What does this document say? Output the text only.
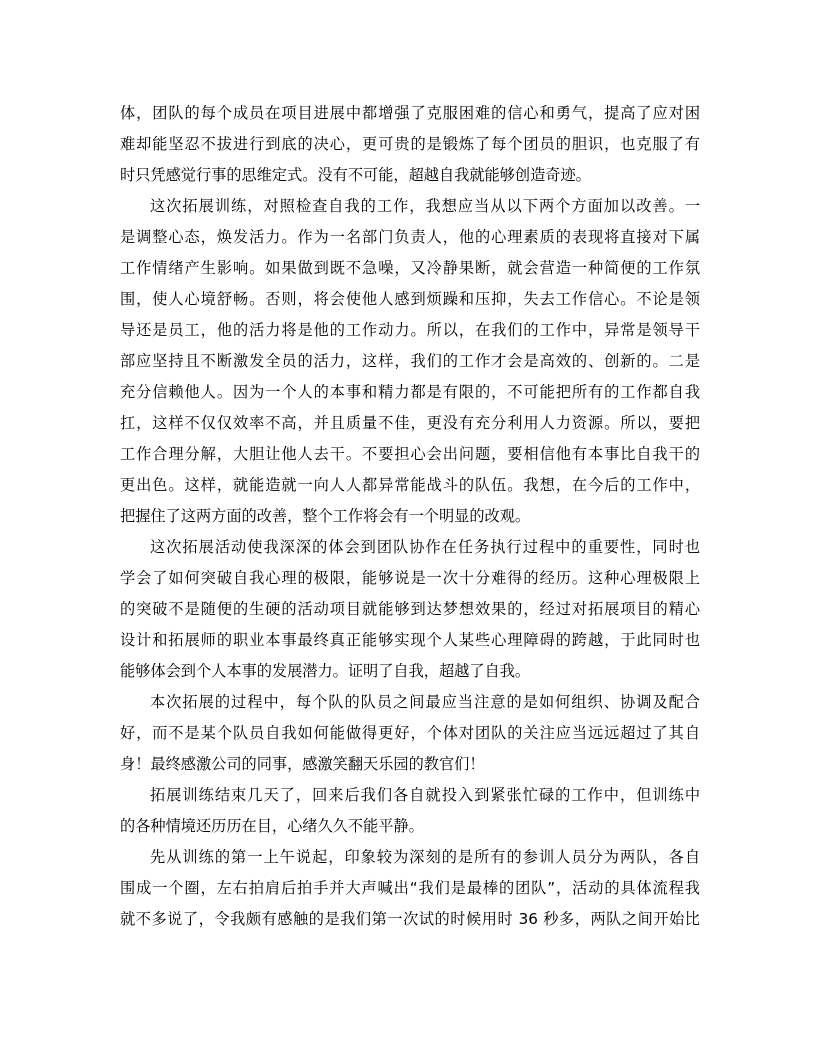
体，团队的每个成员在项目进展中都增强了克服困难的信心和勇气，提高了应对困
难却能坚忍不拔进行到底的决心，更可贵的是锻炼了每个团员的胆识，也克服了有
时只凭感觉行事的思维定式。没有不可能，超越自我就能够创造奇迹。
这次拓展训练，对照检查自我的工作，我想应当从以下两个方面加以改善。一
是调整心态，焕发活力。作为一名部门负责人，他的心理素质的表现将直接对下属
工作情绪产生影响。如果做到既不急噪，又冷静果断，就会营造一种简便的工作氛
围，使人心境舒畅。否则，将会使他人感到烦躁和压抑，失去工作信心。不论是领
导还是员工，他的活力将是他的工作动力。所以，在我们的工作中，异常是领导干
部应坚持且不断激发全员的活力，这样，我们的工作才会是高效的、创新的。二是
充分信赖他人。因为一个人的本事和精力都是有限的，不可能把所有的工作都自我
扛，这样不仅仅效率不高，并且质量不佳，更没有充分利用人力资源。所以，要把
工作合理分解，大胆让他人去干。不要担心会出问题，要相信他有本事比自我干的
更出色。这样，就能造就一向人人都异常能战斗的队伍。我想，在今后的工作中，
把握住了这两方面的改善，整个工作将会有一个明显的改观。
这次拓展活动使我深深的体会到团队协作在任务执行过程中的重要性，同时也
学会了如何突破自我心理的极限，能够说是一次十分难得的经历。这种心理极限上
的突破不是随便的生硬的活动项目就能够到达梦想效果的，经过对拓展项目的精心
设计和拓展师的职业本事最终真正能够实现个人某些心理障碍的跨越，于此同时也
能够体会到个人本事的发展潜力。证明了自我，超越了自我。
本次拓展的过程中，每个队的队员之间最应当注意的是如何组织、协调及配合
好，而不是某个队员自我如何能做得更好，个体对团队的关注应当远远超过了其自
身！最终感激公司的同事，感激笑翻天乐园的教官们！
拓展训练结束几天了，回来后我们各自就投入到紧张忙碌的工作中，但训练中
的各种情境还历历在目，心绪久久不能平静。
先从训练的第一上午说起，印象较为深刻的是所有的参训人员分为两队，各自
围成一个圈，左右拍肩后拍手并大声喊出“我们是最棒的团队”，活动的具体流程我
就不多说了，令我颇有感触的是我们第一次试的时候用时 36 秒多，两队之间开始比
